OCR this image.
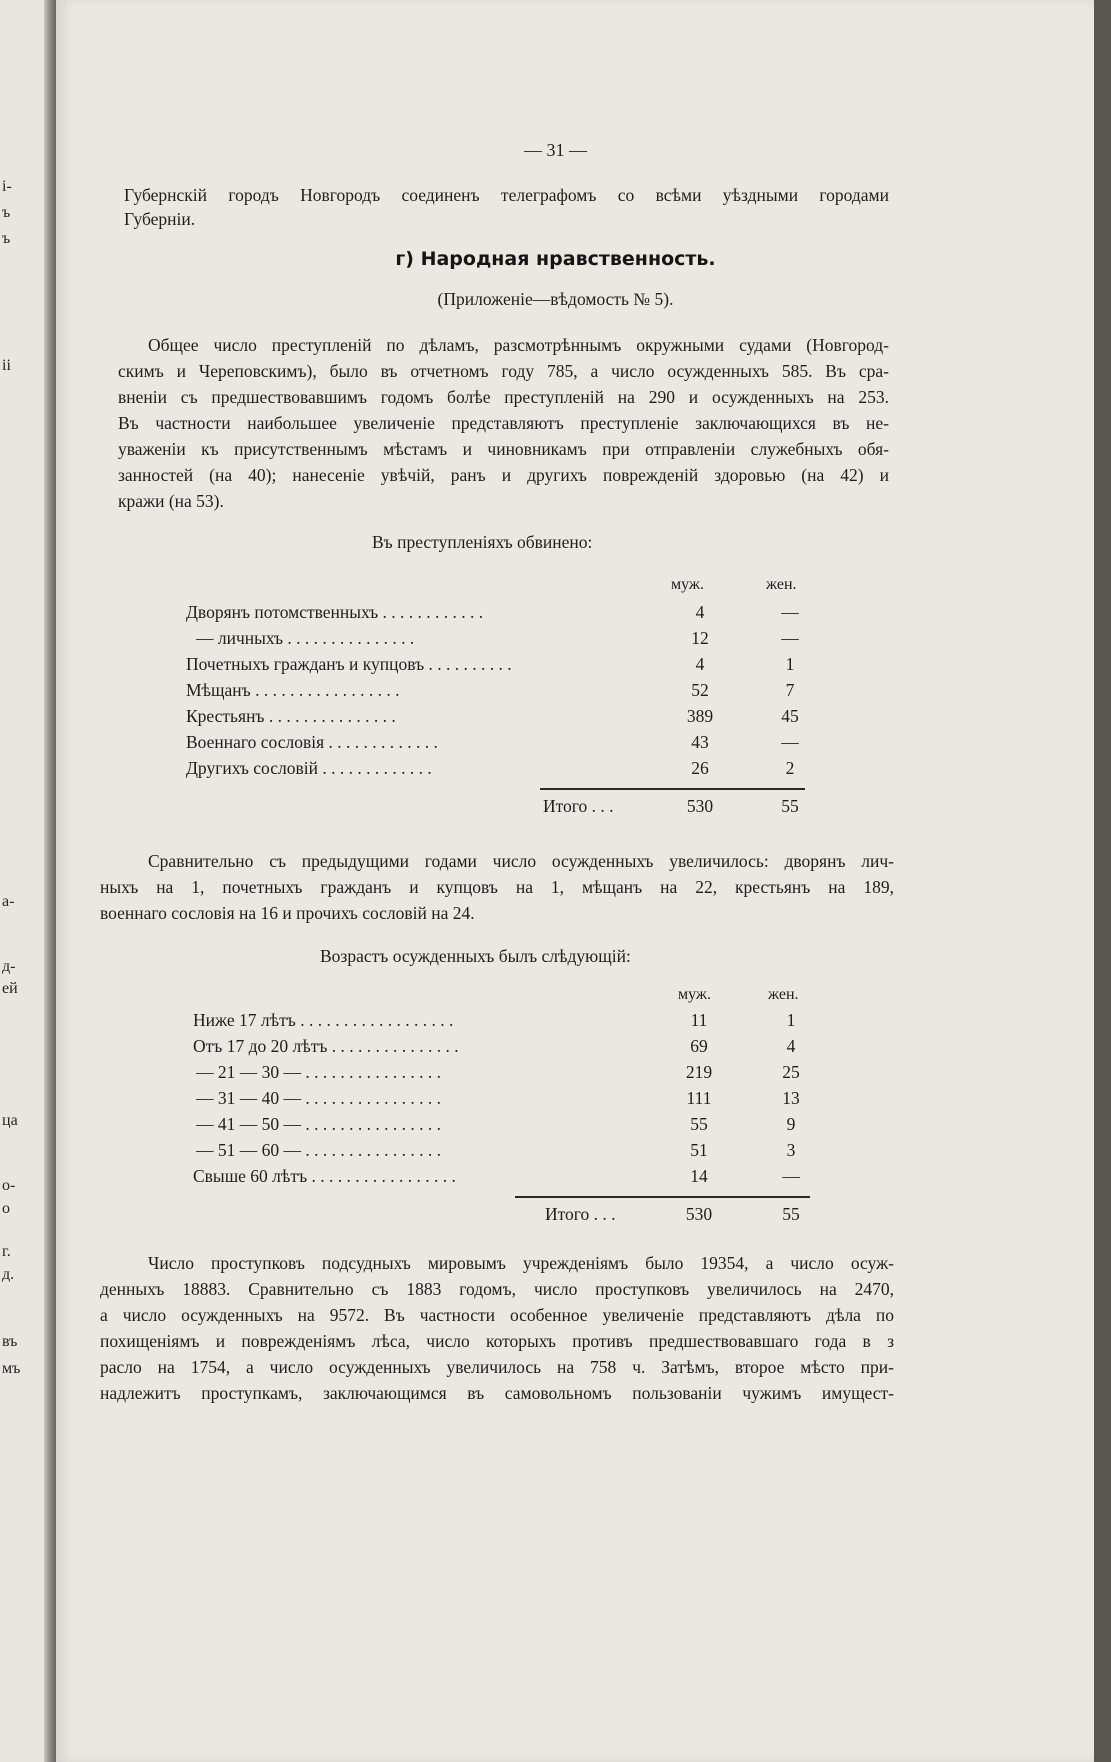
і-
ъ
ъ
ii
а-
д-
ей
ца
о-
о
г.
д.
въ
мъ
— 31 —
Губернскій городъ Новгородъ соединенъ телеграфомъ со всѣми уѣздными городами
Губерніи.
г) Народная нравственность.
(Приложеніе—вѣдомость № 5).
Общее число преступленій по дѣламъ, разсмотрѣннымъ окружными судами (Новгород-
скимъ и Череповскимъ), было въ отчетномъ году 785, а число осужденныхъ 585. Въ сра-
вненіи съ предшествовавшимъ годомъ болѣе преступленій на 290 и осужденныхъ на 253.
Въ частности наибольшее увеличеніе представляютъ преступленіе заключающихся въ не-
уваженіи къ присутственнымъ мѣстамъ и чиновникамъ при отправленіи служебныхъ обя-
занностей (на 40); нанесеніе увѣчій, ранъ и другихъ поврежденій здоровью (на 42) и
кражи (на 53).
Въ преступленіяхъ обвинено:
муж.	жен.
Дворянъ потомственныхъ . . . . . . . . . . . .	4	—
— личныхъ . . . . . . . . . . . . . . .	12	—
Почетныхъ гражданъ и купцовъ . . . . . . . . . .	4	1
Мѣщанъ . . . . . . . . . . . . . . . . .	52	7
Крестьянъ . . . . . . . . . . . . . . .	389	45
Военнаго сословія . . . . . . . . . . . . .	43	—
Другихъ сословій . . . . . . . . . . . . .	26	2
Итого . . .	530	55
Сравнительно съ предыдущими годами число осужденныхъ увеличилось: дворянъ лич-
ныхъ на 1, почетныхъ гражданъ и купцовъ на 1, мѣщанъ на 22, крестьянъ на 189,
военнаго сословія на 16 и прочихъ сословій на 24.
Возрастъ осужденныхъ былъ слѣдующій:
муж.	жен.
Ниже 17 лѣтъ . . . . . . . . . . . . . . . . . .	11	1
Отъ 17 до 20 лѣтъ . . . . . . . . . . . . . . .	69	4
— 21 — 30 — . . . . . . . . . . . . . . . .	219	25
— 31 — 40 — . . . . . . . . . . . . . . . .	111	13
— 41 — 50 — . . . . . . . . . . . . . . . .	55	9
— 51 — 60 — . . . . . . . . . . . . . . . .	51	3
Свыше 60 лѣтъ . . . . . . . . . . . . . . . . .	14	—
Итого . . .	530	55
Число проступковъ подсудныхъ мировымъ учрежденіямъ было 19354, а число осуж-
денныхъ 18883. Сравнительно съ 1883 годомъ, число проступковъ увеличилось на 2470,
а число осужденныхъ на 9572. Въ частности особенное увеличеніе представляютъ дѣла по
похищеніямъ и поврежденіямъ лѣса, число которыхъ противъ предшествовавшаго года в з
расло на 1754, а число осужденныхъ увеличилось на 758 ч. Затѣмъ, второе мѣсто при-
надлежитъ проступкамъ, заключающимся въ самовольномъ пользованіи чужимъ имущест-
